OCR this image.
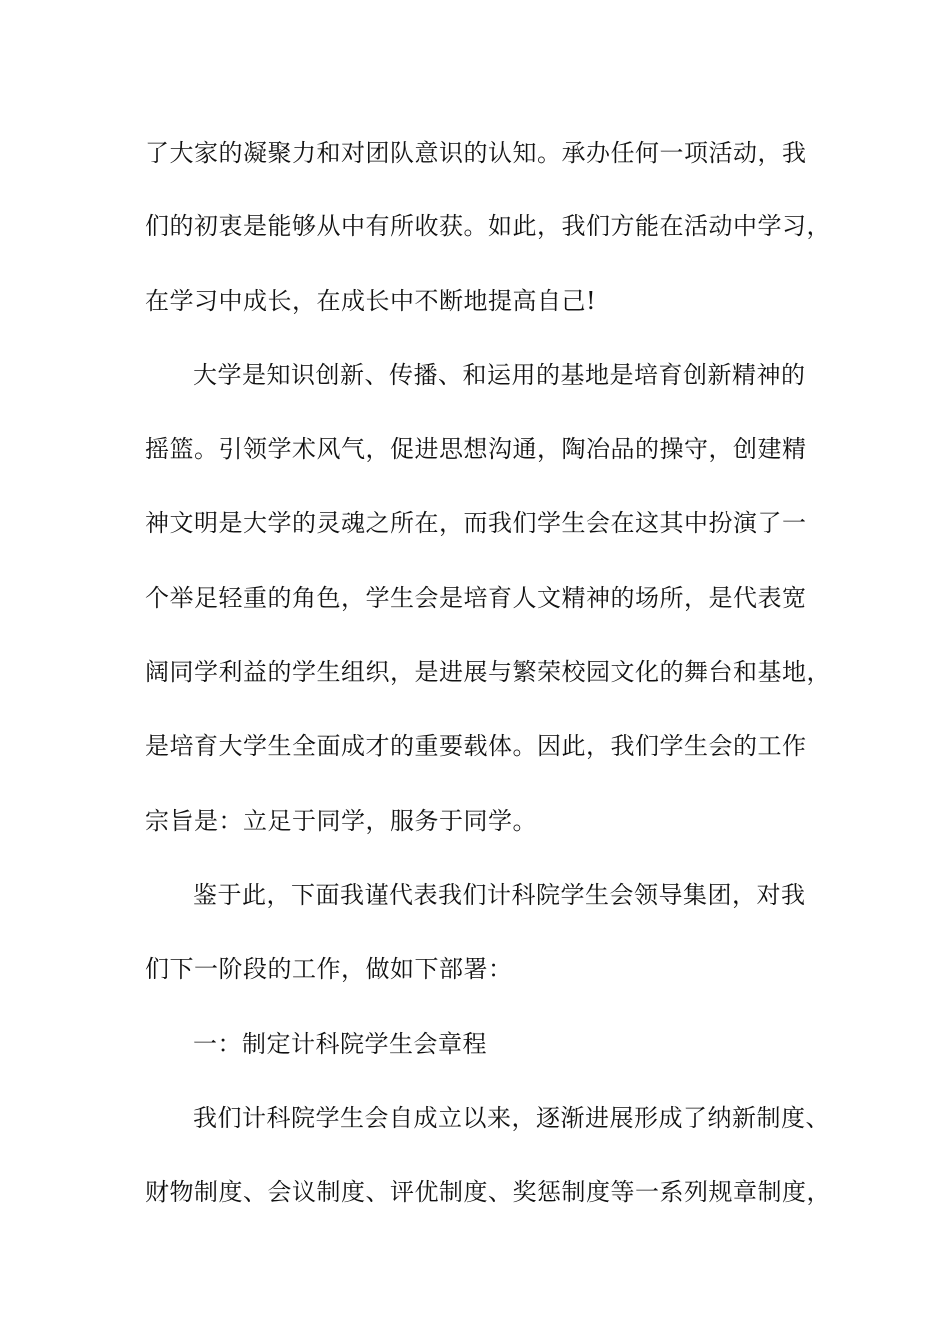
了大家的凝聚力和对团队意识的认知。承办任何一项活动，我
们的初衷是能够从中有所收获。如此，我们方能在活动中学习，
在学习中成长，在成长中不断地提高自己!
大学是知识创新、传播、和运用的基地是培育创新精神的
摇篮。引领学术风气，促进思想沟通，陶冶品的操守，创建精
神文明是大学的灵魂之所在，而我们学生会在这其中扮演了一
个举足轻重的角色，学生会是培育人文精神的场所，是代表宽
阔同学利益的学生组织，是进展与繁荣校园文化的舞台和基地，
是培育大学生全面成才的重要载体。因此，我们学生会的工作
宗旨是：立足于同学，服务于同学。
鉴于此，下面我谨代表我们计科院学生会领导集团，对我
们下一阶段的工作，做如下部署：
一：制定计科院学生会章程
我们计科院学生会自成立以来，逐渐进展形成了纳新制度、
财物制度、会议制度、评优制度、奖惩制度等一系列规章制度，
